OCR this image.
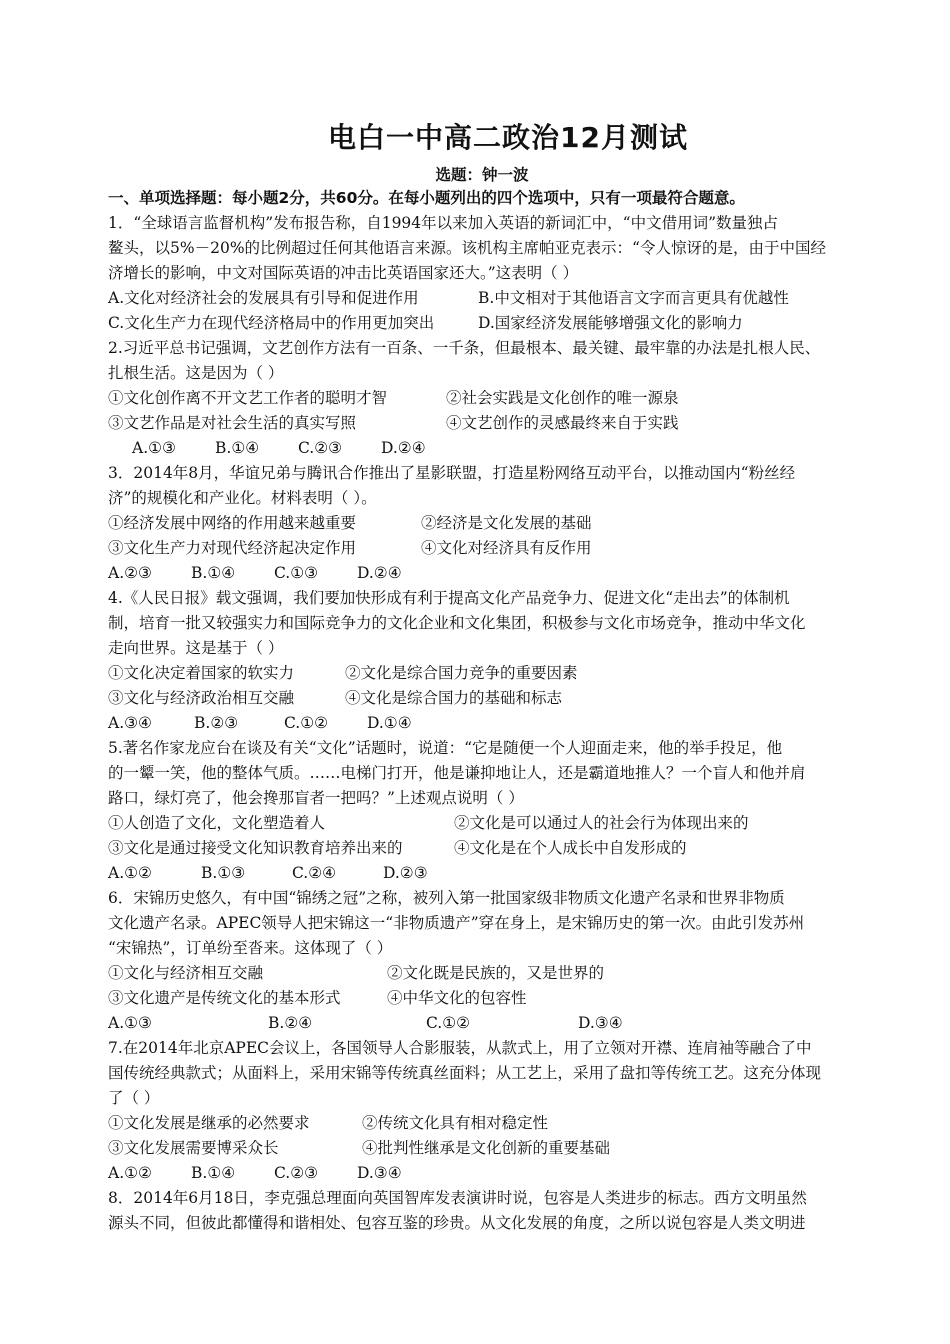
电白一中高二政治12月测试
选题：钟一波
一、单项选择题：每小题2分，共60分。在每小题列出的四个选项中，只有一项最符合题意。
1．“全球语言监督机构”发布报告称，自1994年以来加入英语的新词汇中，“中文借用词”数量独占
鳌头，以5%－20%的比例超过任何其他语言来源。该机构主席帕亚克表示：“令人惊讶的是，由于中国经
济增长的影响，中文对国际英语的冲击比英语国家还大。”这表明（ ）
A.文化对经济社会的发展具有引导和促进作用	B.中文相对于其他语言文字而言更具有优越性
C.文化生产力在现代经济格局中的作用更加突出	D.国家经济发展能够增强文化的影响力
2.习近平总书记强调，文艺创作方法有一百条、一千条，但最根本、最关键、最牢靠的办法是扎根人民、
扎根生活。这是因为（ ）
①文化创作离不开文艺工作者的聪明才智	②社会实践是文化创作的唯一源泉
③文艺作品是对社会生活的真实写照	④文艺创作的灵感最终来自于实践
A.①③	B.①④	C.②③	D.②④
3．2014年8月，华谊兄弟与腾讯合作推出了星影联盟，打造星粉网络互动平台，以推动国内“粉丝经
济”的规模化和产业化。材料表明（ ）。
①经济发展中网络的作用越来越重要	②经济是文化发展的基础
③文化生产力对现代经济起决定作用	④文化对经济具有反作用
A.②③	B.①④	C.①③	D.②④
4.《人民日报》载文强调，我们要加快形成有利于提高文化产品竞争力、促进文化“走出去”的体制机
制，培育一批又较强实力和国际竞争力的文化企业和文化集团，积极参与文化市场竞争，推动中华文化
走向世界。这是基于（ ）
①文化决定着国家的软实力	②文化是综合国力竞争的重要因素
③文化与经济政治相互交融	④文化是综合国力的基础和标志
A.③④	B.②③	C.①②	D.①④
5.著名作家龙应台在谈及有关“文化”话题时，说道：“它是随便一个人迎面走来，他的举手投足，他
的一颦一笑，他的整体气质。……电梯门打开，他是谦抑地让人，还是霸道地推人？一个盲人和他并肩
路口，绿灯亮了，他会搀那盲者一把吗？”上述观点说明（ ）
①人创造了文化，文化塑造着人	②文化是可以通过人的社会行为体现出来的
③文化是通过接受文化知识教育培养出来的	④文化是在个人成长中自发形成的
A.①②	B.①③	C.②④	D.②③
6．宋锦历史悠久，有中国“锦绣之冠”之称，被列入第一批国家级非物质文化遗产名录和世界非物质
文化遗产名录。APEC领导人把宋锦这一“非物质遗产”穿在身上，是宋锦历史的第一次。由此引发苏州
“宋锦热”，订单纷至沓来。这体现了（ ）
①文化与经济相互交融	②文化既是民族的，又是世界的
③文化遗产是传统文化的基本形式	④中华文化的包容性
A.①③	B.②④	C.①②	D.③④
7.在2014年北京APEC会议上，各国领导人合影服装，从款式上，用了立领对开襟、连肩袖等融合了中
国传统经典款式；从面料上，采用宋锦等传统真丝面料；从工艺上，采用了盘扣等传统工艺。这充分体现
了（ ）
①文化发展是继承的必然要求	②传统文化具有相对稳定性
③文化发展需要博采众长	④批判性继承是文化创新的重要基础
A.①②	B.①④	C.②③	D.③④
8．2014年6月18日，李克强总理面向英国智库发表演讲时说，包容是人类进步的标志。西方文明虽然
源头不同，但彼此都懂得和谐相处、包容互鉴的珍贵。从文化发展的角度，之所以说包容是人类文明进
